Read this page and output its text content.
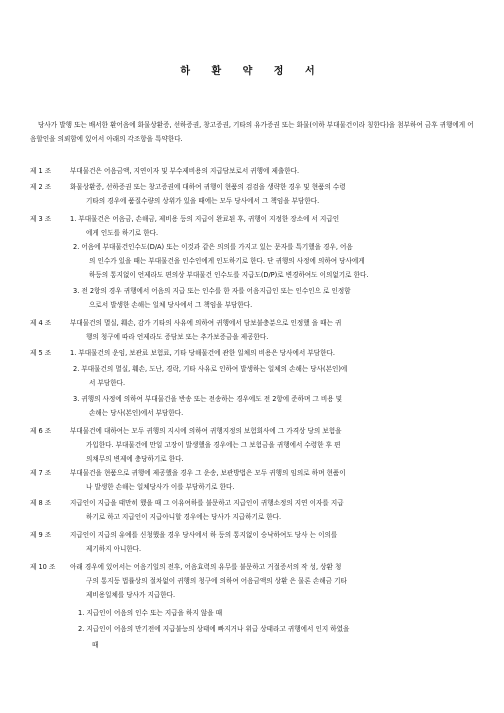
하 환 약 정 서

당사가 발행 또는 배서한 환어음에 화물상환증, 선하증권, 창고증권, 기타의 유가증권 또는 화물(이하 부대물건이라 칭한다)을 첨부하여 금후 귀행에게 어음할인을 의뢰함에 있어서 아래의 각조항을 특약한다.

제 1 조	부대물건은 어음금액, 지연이자 및 부수제비용의 지급담보로서 귀행에 제출한다.
제 2 조	화물상환증, 선하증권 또는 창고증권에 대하여 귀행이 현품의 검검을 생략한 경우 및 현품의 수령
기타의 경우에 품질수량의 상위가 있을 때에는 모두 당사에서 그 책임을 부담한다.
제 3 조	1. 부대물건은 어음금, 손해금, 제비용 등의 지급이 완료된 후, 귀행이 지정한 장소에 서 지급인
에게 인도를 하기로 한다.
2. 어음에 부대물건인수도(D/A) 또는 이것과 같은 의의를 가지고 있는 문자를 특기했을 경우, 어음
의 인수가 있을 때는 부대물건을 인수인에게 인도하기로 한다. 단 귀행의 사정에 의하여 당사에게
하등의 통지없이 언제라도 편의상 부대물건 인수도를 지급도(D/P)로 변경하여도 이의없기로 한다.
3. 전 2항의 경우 귀행에서 어음의 지급 또는 인수를 한 자를 어음지급인 또는 인수인으 로 인정함
으로서 발생한 손해는 일체 당사에서 그 책임을 부담한다.
제 4 조	부대물건의 멸실, 훼손, 감가 기타의 사유에 의하여 귀행에서 담보불충분으로 인정했 을 때는 귀
행의 청구에 따라 언제라도 증담보 또는 추가보증금을 제공한다.
제 5 조	1. 부대물건의 운임, 보관료 보험료, 기타 당해물건에 관한 일체의 비용은 당사에서 부담한다.
2. 부대물건의 멸실, 훼손, 도난, 경락, 기타 사유로 인하여 발생하는 일체의 손해는 당사(본인)에
서 부담한다.
3. 귀행의 사정에 의하여 부대물건을 반송 또는 전송하는 경우에도 전 2항에 준하며 그 비용 및
손해는 당사(본인)에서 부담한다.
제 6 조	부대물건에 대하여는 모두 귀행의 지시에 의하여 귀행지정의 보험회사에 그 가격상 당의 보험을
가입한다. 부대물건에 만일 고장이 발생했을 경우에는 그 보험금을 귀행에서 수령한 후 편
의채무의 변제에 충당하기로 한다.
제 7 조	부대물건을 현품으로 귀행에 제공했을 경우 그 운송, 보관방법은 모두 귀행의 임의로 하며 현품이
나 발생한 손해는 일체당사가 이를 부담하기로 한다.
제 8 조	지급인이 지급을 태만히 했을 때 그 이유여하를 불문하고 지급인이 귀행소정의 지연 이자를 지급
하기로 하고 지급인이 지급아니할 경우에는 당사가 지급하기로 한다.
제 9 조	지급인이 지급의 유예를 신청했을 경우 당사에서 하 등의 통지없이 승낙하여도 당사 는 이의를
제기하지 아니한다.
제 10 조 아래 경우에 있어서는 어음기일의 전후, 어음효력의 유무를 불문하고 거절증서의 작 성, 상환 청
구의 통지등 법률상의 절차없이 귀행의 청구에 의하여 어음금액의 상환 은 물론 손해금 기타
제비용일체를 당사가 지급한다.
1. 지급인이 어음의 인수 또는 지급을 하지 않을 때
2. 지급인이 어음의 만기전에 지급불능의 상태에 빠지거나 위급 상태라고 귀행에서 인지 하였을
때
